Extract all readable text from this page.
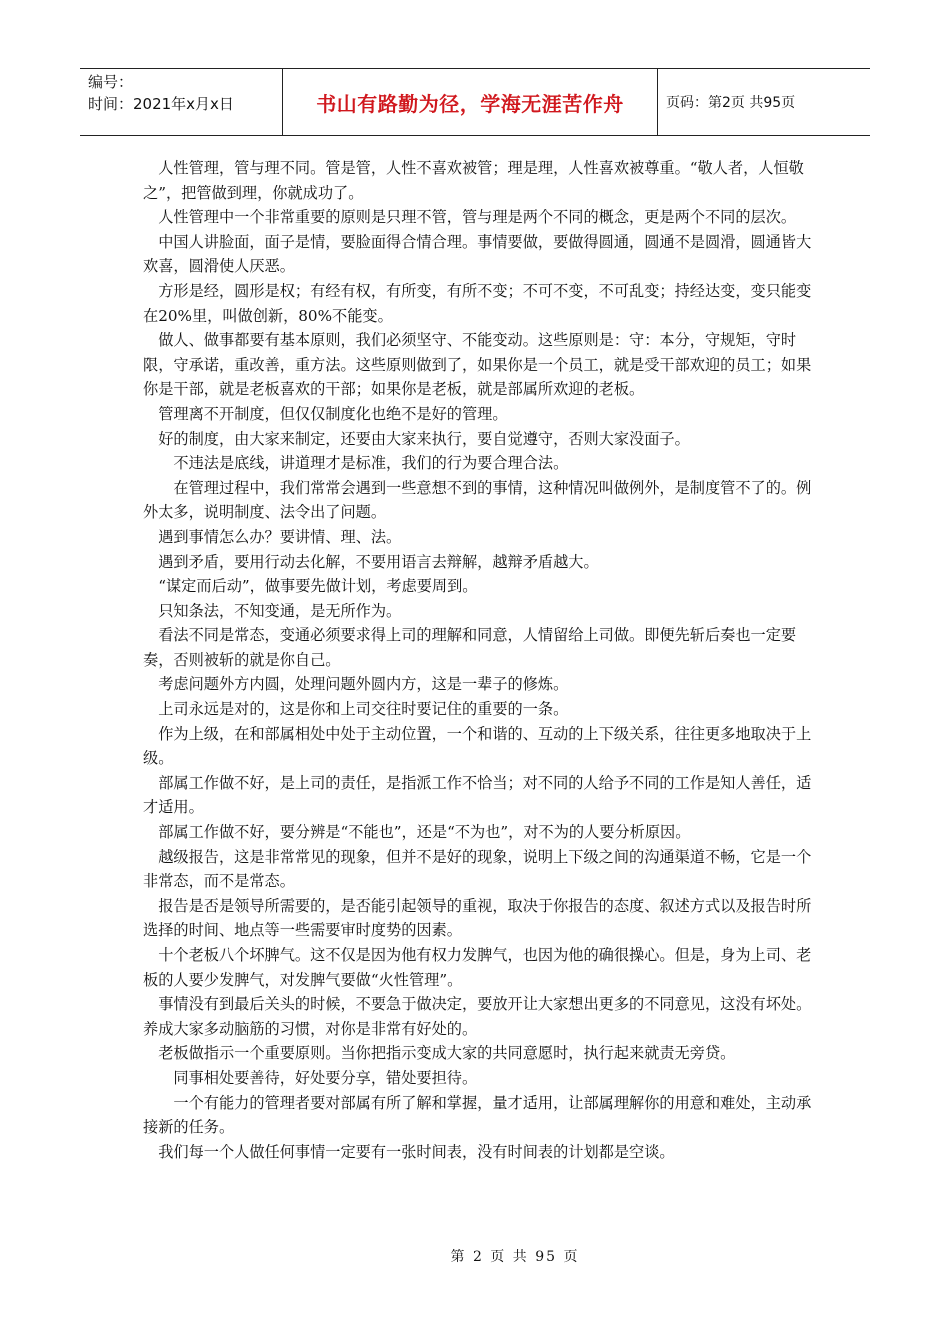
编号：
时间：2021年x月x日	书山有路勤为径，学海无涯苦作舟	页码：第2页 共95页

　人性管理，管与理不同。管是管，人性不喜欢被管；理是理，人性喜欢被尊重。“敬人者，人恒敬之”，把管做到理，你就成功了。

　人性管理中一个非常重要的原则是只理不管，管与理是两个不同的概念，更是两个不同的层次。

　中国人讲脸面，面子是情，要脸面得合情合理。事情要做，要做得圆通，圆通不是圆滑，圆通皆大欢喜，圆滑使人厌恶。

　方形是经，圆形是权；有经有权，有所变，有所不变；不可不变，不可乱变；持经达变，变只能变在20%里，叫做创新，80%不能变。

　做人、做事都要有基本原则，我们必须坚守、不能变动。这些原则是：守：本分，守规矩，守时限，守承诺，重改善，重方法。这些原则做到了，如果你是一个员工，就是受干部欢迎的员工；如果你是干部，就是老板喜欢的干部；如果你是老板，就是部属所欢迎的老板。

　管理离不开制度，但仅仅制度化也绝不是好的管理。

　好的制度，由大家来制定，还要由大家来执行，要自觉遵守，否则大家没面子。

　　不违法是底线，讲道理才是标准，我们的行为要合理合法。

　　在管理过程中，我们常常会遇到一些意想不到的事情，这种情况叫做例外，是制度管不了的。例外太多，说明制度、法令出了问题。

　遇到事情怎么办？要讲情、理、法。

　遇到矛盾，要用行动去化解，不要用语言去辩解，越辩矛盾越大。

　“谋定而后动”，做事要先做计划，考虑要周到。

　只知条法，不知变通，是无所作为。

　看法不同是常态，变通必须要求得上司的理解和同意，人情留给上司做。即便先斩后奏也一定要奏，否则被斩的就是你自己。

　考虑问题外方内圆，处理问题外圆内方，这是一辈子的修炼。

　上司永远是对的，这是你和上司交往时要记住的重要的一条。

　作为上级，在和部属相处中处于主动位置，一个和谐的、互动的上下级关系，往往更多地取决于上级。

　部属工作做不好，是上司的责任，是指派工作不恰当；对不同的人给予不同的工作是知人善任，适才适用。

　部属工作做不好，要分辨是“不能也”，还是“不为也”，对不为的人要分析原因。

　越级报告，这是非常常见的现象，但并不是好的现象，说明上下级之间的沟通渠道不畅，它是一个非常态，而不是常态。

　报告是否是领导所需要的，是否能引起领导的重视，取决于你报告的态度、叙述方式以及报告时所选择的时间、地点等一些需要审时度势的因素。

　十个老板八个坏脾气。这不仅是因为他有权力发脾气，也因为他的确很操心。但是，身为上司、老板的人要少发脾气，对发脾气要做“火性管理”。

　事情没有到最后关头的时候，不要急于做决定，要放开让大家想出更多的不同意见，这没有坏处。养成大家多动脑筋的习惯，对你是非常有好处的。

　老板做指示一个重要原则。当你把指示变成大家的共同意愿时，执行起来就责无旁贷。

　　同事相处要善待，好处要分享，错处要担待。

　　一个有能力的管理者要对部属有所了解和掌握，量才适用，让部属理解你的用意和难处，主动承接新的任务。

　我们每一个人做任何事情一定要有一张时间表，没有时间表的计划都是空谈。

第 2 页 共 95 页
